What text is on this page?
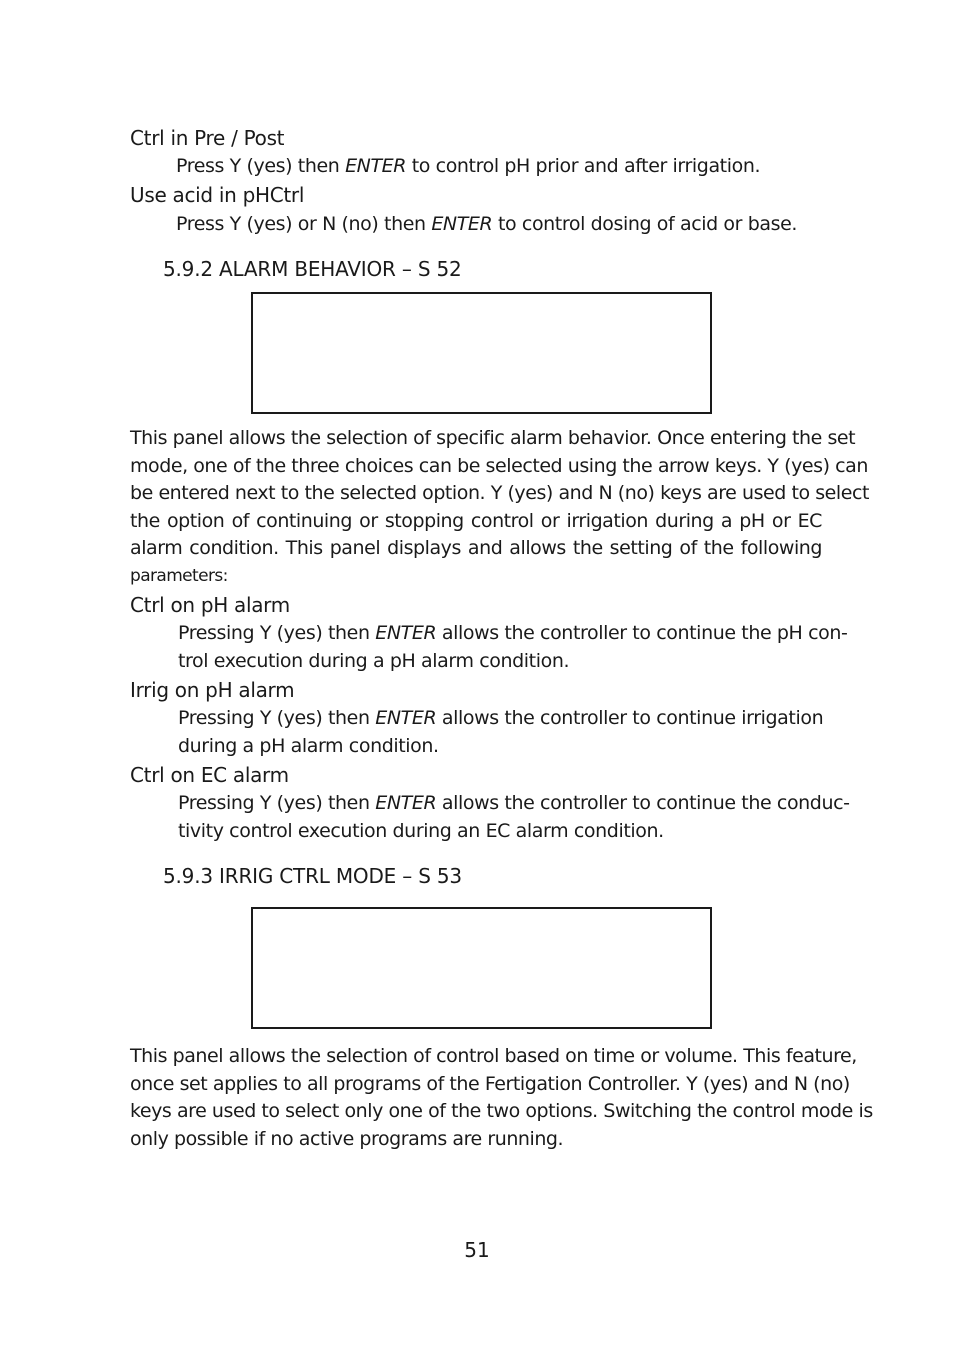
Ctrl in Pre / Post
Press Y (yes) then ENTER to control pH prior and after irrigation.
Use acid in pHCtrl
Press Y (yes) or N (no) then ENTER to control dosing of acid or base.
5.9.2 ALARM BEHAVIOR – S 52
This panel allows the selection of specific alarm behavior. Once entering the set
mode, one of the three choices can be selected using the arrow keys. Y (yes) can
be entered next to the selected option. Y (yes) and N (no) keys are used to select
the option of continuing or stopping control or irrigation during a pH or EC
alarm condition. This panel displays and allows the setting of the following
parameters:
Ctrl on pH alarm
Pressing Y (yes) then ENTER allows the controller to continue the pH con-
trol execution during a pH alarm condition.
Irrig on pH alarm
Pressing Y (yes) then ENTER allows the controller to continue irrigation
during a pH alarm condition.
Ctrl on EC alarm
Pressing Y (yes) then ENTER allows the controller to continue the conduc-
tivity control execution during an EC alarm condition.
5.9.3 IRRIG CTRL MODE – S 53
This panel allows the selection of control based on time or volume. This feature,
once set applies to all programs of the Fertigation Controller. Y (yes) and N (no)
keys are used to select only one of the two options. Switching the control mode is
only possible if no active programs are running.
51
